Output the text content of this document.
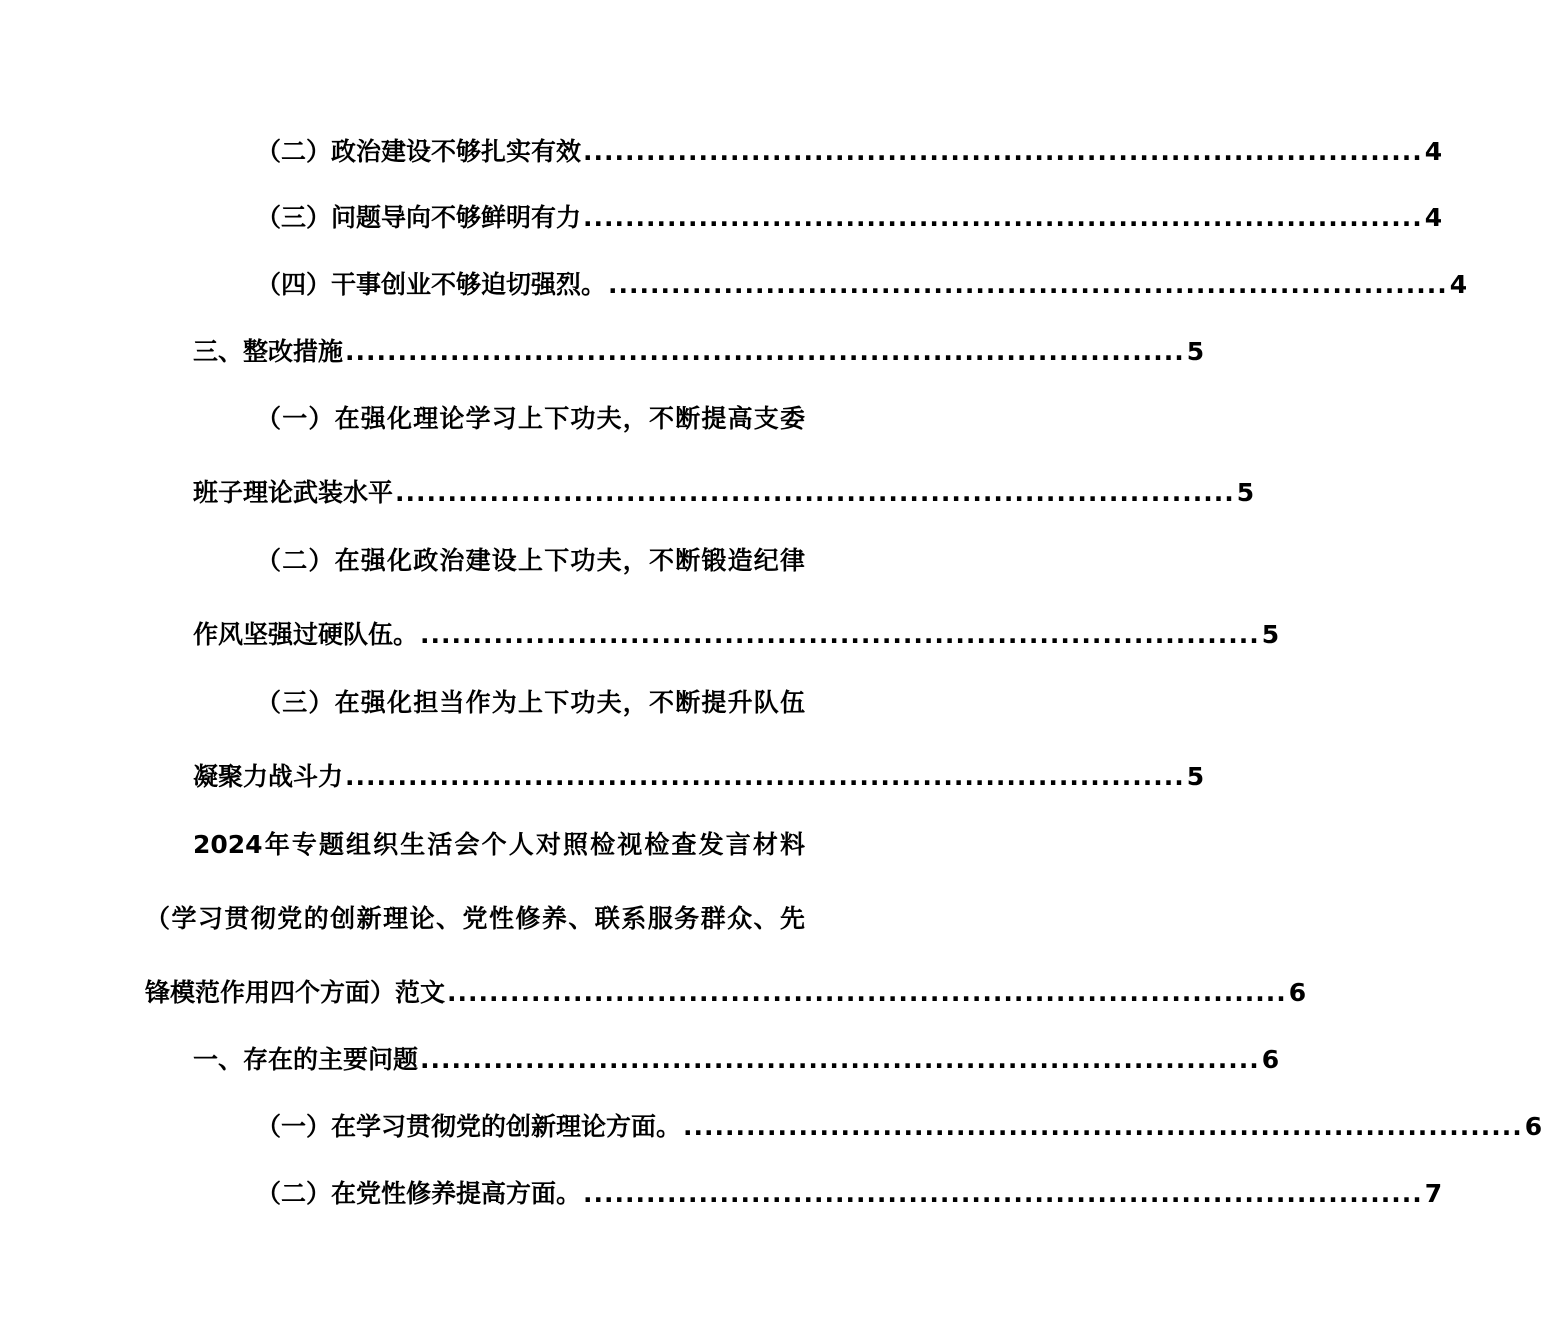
（二）政治建设不够扎实有效 ................................................................................ 4
（三）问题导向不够鲜明有力 ................................................................................ 4
（四）干事创业不够迫切强烈。 ................................................................................ 4
三、整改措施 ................................................................................ 5
（一）在强化理论学习上下功夫，不断提高支委
班子理论武装水平 ................................................................................ 5
（二）在强化政治建设上下功夫，不断锻造纪律
作风坚强过硬队伍。 ................................................................................ 5
（三）在强化担当作为上下功夫，不断提升队伍
凝聚力战斗力 ................................................................................ 5
2024年专题组织生活会个人对照检视检查发言材料
（学习贯彻党的创新理论、党性修养、联系服务群众、先
锋模范作用四个方面）范文 ................................................................................ 6
一、存在的主要问题 ................................................................................ 6
（一）在学习贯彻党的创新理论方面。 ................................................................................ 6
（二）在党性修养提高方面。 ................................................................................ 7
